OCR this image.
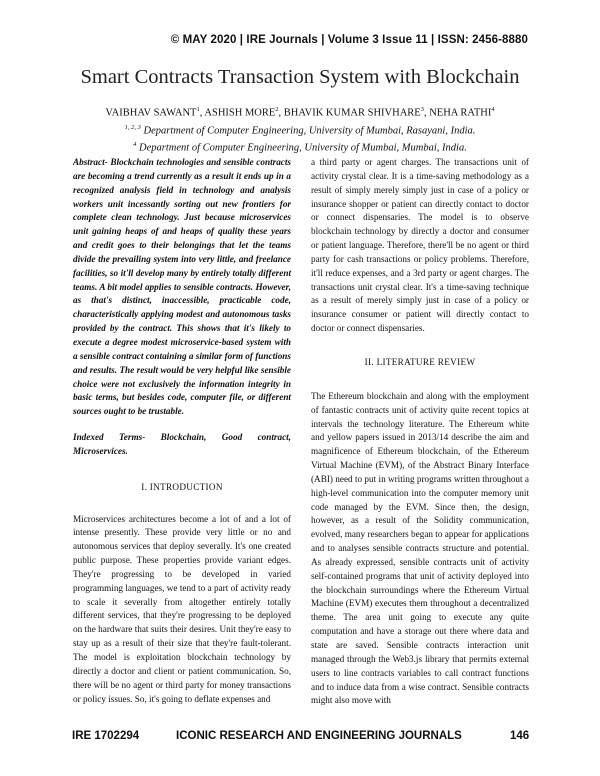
© MAY 2020 | IRE Journals | Volume 3 Issue 11 | ISSN: 2456-8880
Smart Contracts Transaction System with Blockchain
VAIBHAV SAWANT$^1$, ASHISH MORE$^2$, BHAVIK KUMAR SHIVHARE$^3$, NEHA RATHI$^4$
$^{1, 2, 3}$ Department of Computer Engineering, University of Mumbai, Rasayani, India.
$^4$ Department of Computer Engineering, University of Mumbai, Mumbai, India.

Abstract- Blockchain technologies and sensible contracts are becoming a trend currently as a result it ends up in a recognized analysis field in technology and analysis workers unit incessantly sorting out new frontiers for complete clean technology. Just because microservices unit gaining heaps of and heaps of quality these years and credit goes to their belongings that let the teams divide the prevailing system into very little, and freelance facilities, so it'll develop many by entirely totally different teams. A bit model applies to sensible contracts. However, as that's distinct, inaccessible, practicable code, characteristically applying modest and autonomous tasks provided by the contract. This shows that it's likely to execute a degree modest microservice-based system with a sensible contract containing a similar form of functions and results. The result would be very helpful like sensible choice were not exclusively the information integrity in basic terms, but besides code, computer file, or different sources ought to be trustable.

Indexed Terms- Blockchain, Good contract, Microservices.

I. INTRODUCTION

Microservices architectures become a lot of and a lot of intense presently. These provide very little or no and autonomous services that deploy severally. It's one created public purpose. These properties provide variant edges. They're progressing to be developed in varied programming languages, we tend to a part of activity ready to scale it severally from altogether entirely totally different services, that they're progressing to be deployed on the hardware that suits their desires. Unit they're easy to stay up as a result of their size that they're fault-tolerant. The model is exploitation blockchain technology by directly a doctor and client or patient communication. So, there will be no agent or third party for money transactions or policy issues. So, it's going to deflate expenses and

a third party or agent charges. The transactions unit of activity crystal clear. It is a time-saving methodology as a result of simply merely simply just in case of a policy or insurance shopper or patient can directly contact to doctor or connect dispensaries. The model is to observe blockchain technology by directly a doctor and consumer or patient language. Therefore, there'll be no agent or third party for cash transactions or policy problems. Therefore, it'll reduce expenses, and a 3rd party or agent charges. The transactions unit crystal clear. It's a time-saving technique as a result of merely simply just in case of a policy or insurance consumer or patient will directly contact to doctor or connect dispensaries.

II. LITERATURE REVIEW

The Ethereum blockchain and along with the employment of fantastic contracts unit of activity quite recent topics at intervals the technology literature. The Ethereum white and yellow papers issued in 2013/14 describe the aim and magnificence of Ethereum blockchain, of the Ethereum Virtual Machine (EVM), of the Abstract Binary Interface (ABI) need to put in writing programs written throughout a high-level communication into the computer memory unit code managed by the EVM. Since then, the design, however, as a result of the Solidity communication, evolved, many researchers began to appear for applications and to analyses sensible contracts structure and potential. As already expressed, sensible contracts unit of activity self-contained programs that unit of activity deployed into the blockchain surroundings where the Ethereum Virtual Machine (EVM) executes them throughout a decentralized theme. The area unit going to execute any quite computation and have a storage out there where data and state are saved. Sensible contracts interaction unit managed through the Web3.js library that permits external users to line contracts variables to call contract functions and to induce data from a wise contract. Sensible contracts might also move with

IRE 1702294	ICONIC RESEARCH AND ENGINEERING JOURNALS	146
